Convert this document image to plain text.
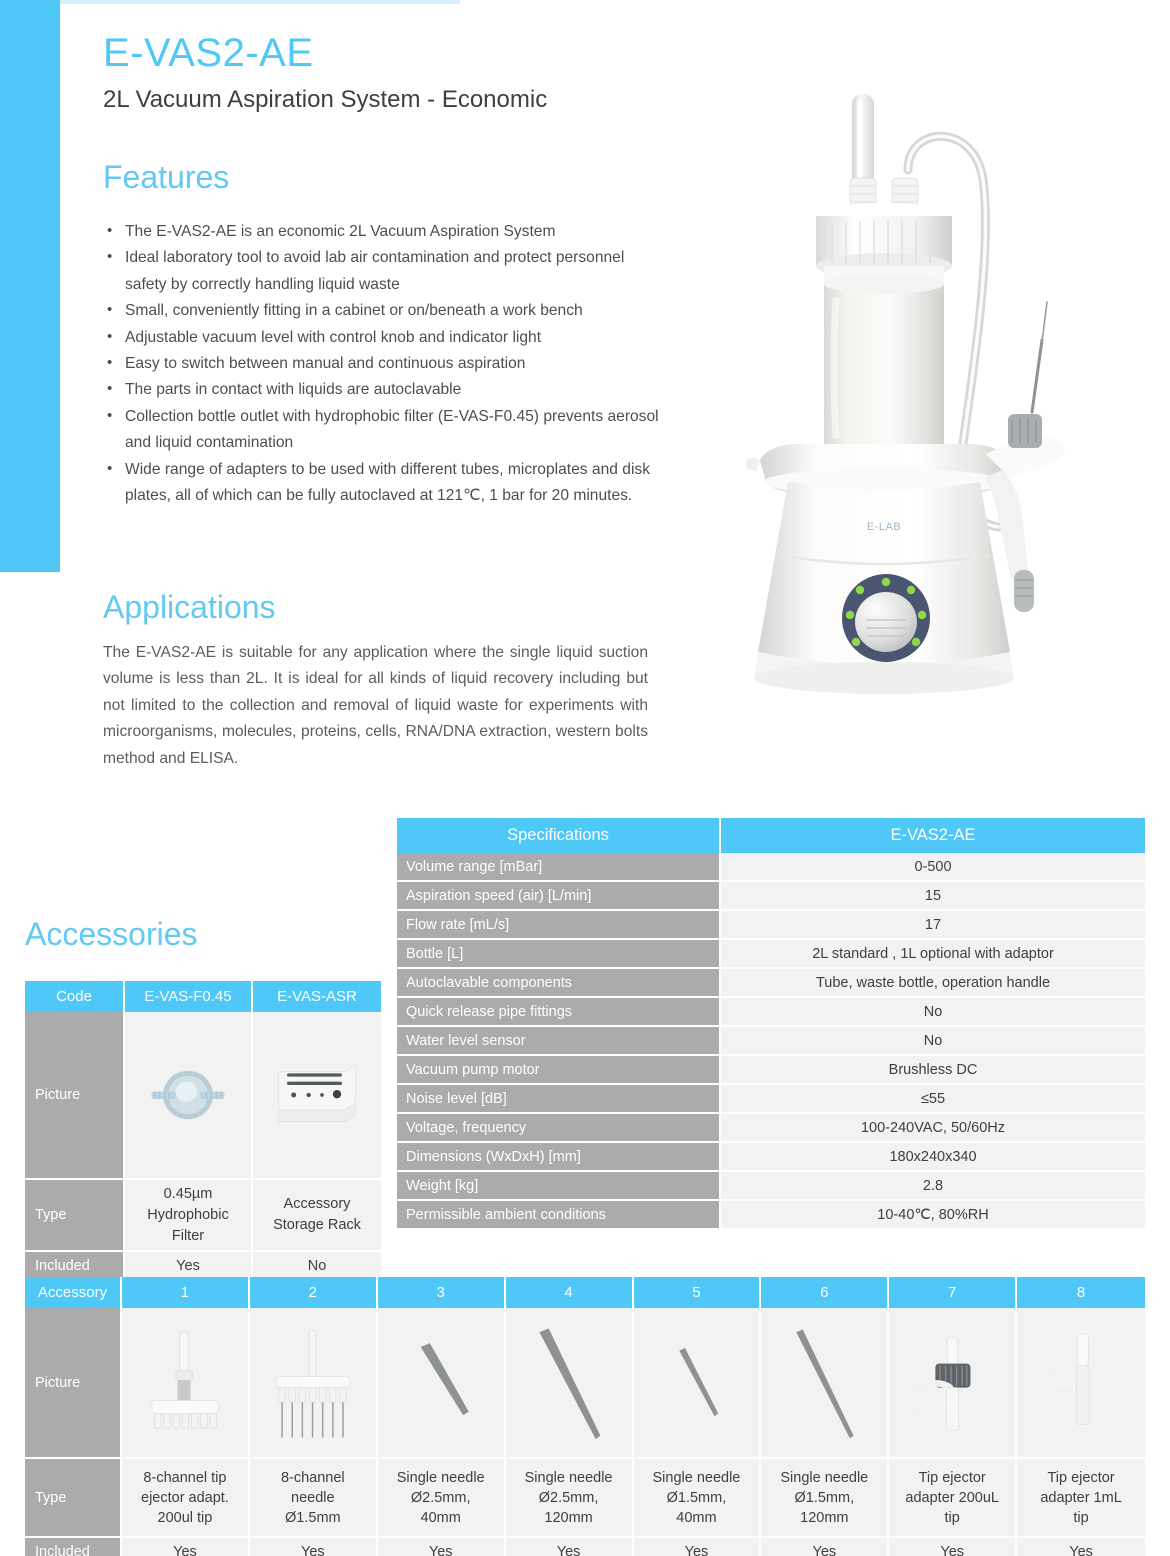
E-VAS2-AE
2L Vacuum Aspiration System - Economic
Features
• The E-VAS2-AE is an economic 2L Vacuum Aspiration System
• Ideal laboratory tool to avoid lab air contamination and protect personnel safety by correctly handling liquid waste
• Small, conveniently fitting in a cabinet or on/beneath a work bench
• Adjustable vacuum level with control knob and indicator light
• Easy to switch between manual and continuous aspiration
• The parts in contact with liquids are autoclavable
• Collection bottle outlet with hydrophobic filter (E-VAS-F0.45) prevents aerosol and liquid contamination
• Wide range of adapters to be used with different tubes, microplates and disk plates, all of which can be fully autoclaved at 121℃, 1 bar for 20 minutes.
Applications
The E-VAS2-AE is suitable for any application where the single liquid suction volume is less than 2L. It is ideal for all kinds of liquid recovery including but not limited to the collection and removal of liquid waste for experiments with microorganisms, molecules, proteins, cells, RNA/DNA extraction, western bolts method and ELISA.
E-LAB
Accessories
Code	E-VAS-F0.45	E-VAS-ASR
Picture	

Type	0.45µm
Hydrophobic
Filter	Accessory
Storage Rack
Included	Yes	No
Specifications	E-VAS2-AE
Volume range [mBar]	0-500
Aspiration speed (air) [L/min]	15
Flow rate [mL/s]	17
Bottle [L]	2L standard , 1L optional with adaptor
Autoclavable components	Tube, waste bottle, operation handle
Quick release pipe fittings	No
Water level sensor	No
Vacuum pump motor	Brushless DC
Noise level [dB]	≤55
Voltage, frequency	100-240VAC, 50/60Hz
Dimensions (WxDxH) [mm]	180x240x340
Weight [kg]	2.8
Permissible ambient conditions	10-40℃, 80%RH
Accessory	1	2	3	4	5	6	7	8
Picture	

Type	8-channel tip
ejector adapt.
200ul tip	8-channel
needle
Ø1.5mm	Single needle
Ø2.5mm,
40mm	Single needle
Ø2.5mm,
120mm	Single needle
Ø1.5mm,
40mm	Single needle
Ø1.5mm,
120mm	Tip ejector
adapter 200uL
tip	Tip ejector
adapter 1mL
tip
Included	Yes	Yes	Yes	Yes	Yes	Yes	Yes	Yes
